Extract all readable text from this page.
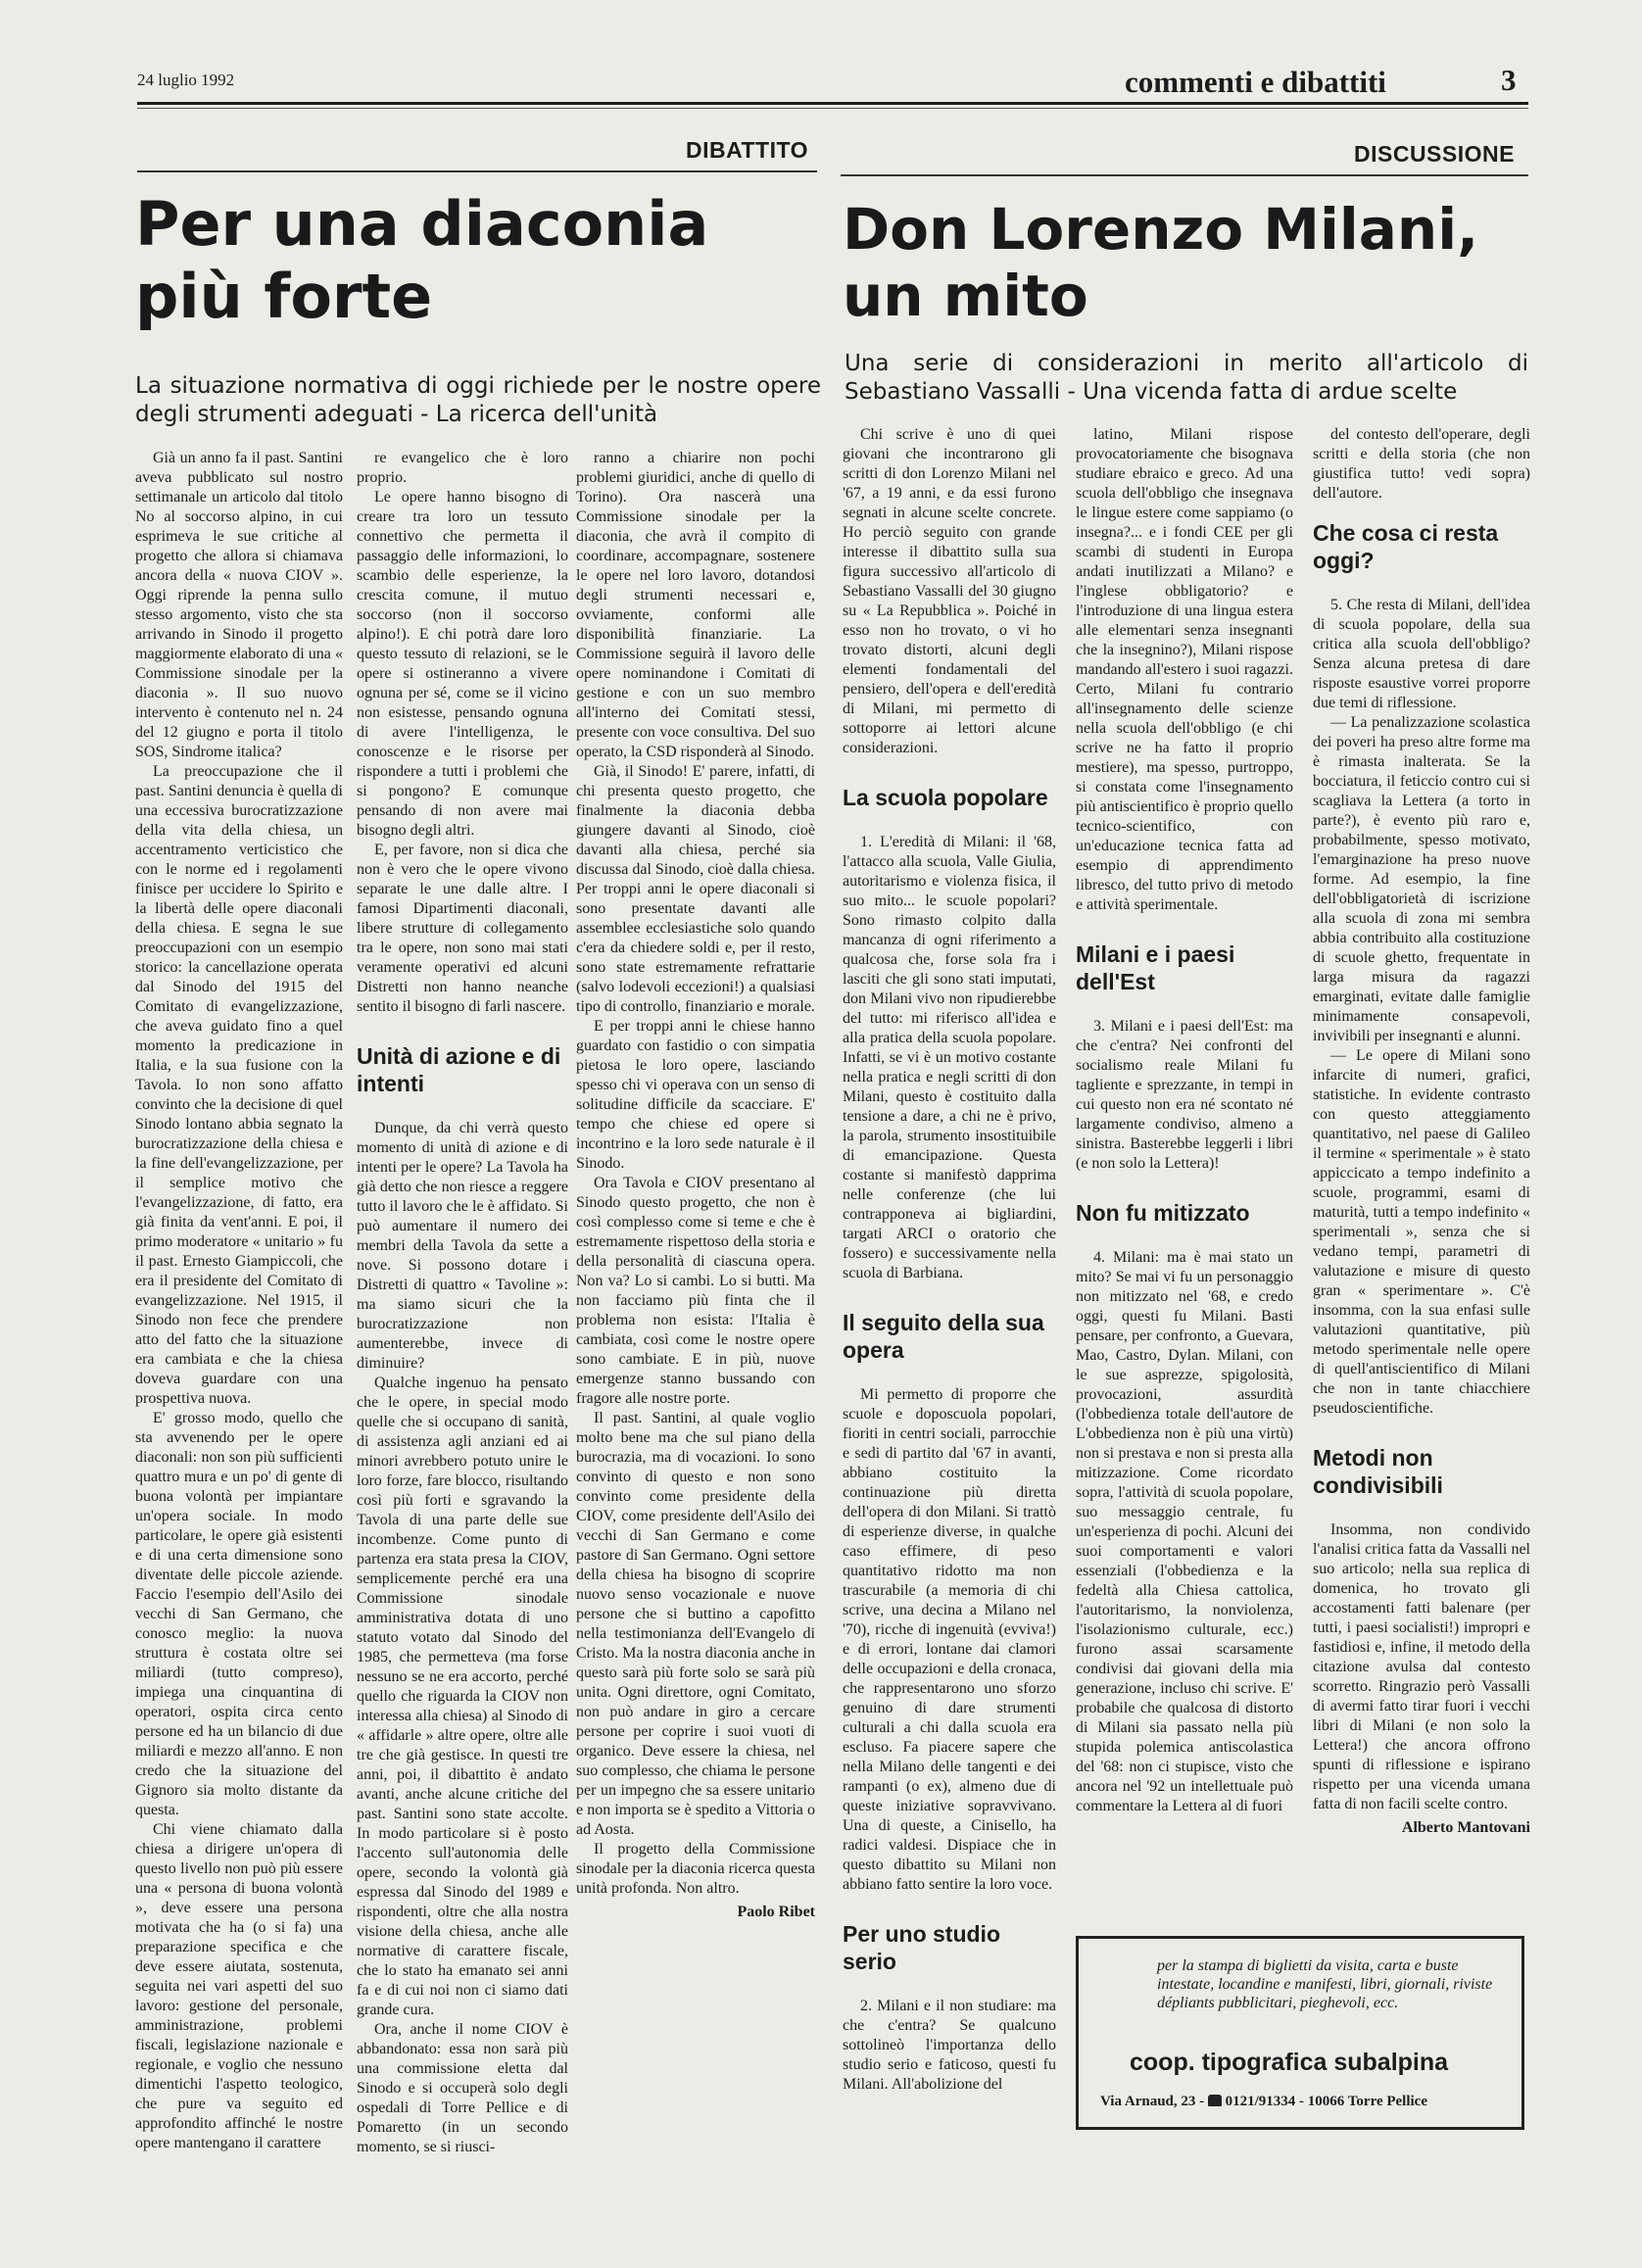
24 luglio 1992	commenti e dibattiti	3
DIBATTITO
Per una diaconia più forte

La situazione normativa di oggi richiede per le nostre opere degli strumenti adeguati - La ricerca dell'unità

Già un anno fa il past. Santini aveva pubblicato sul nostro settimanale un articolo dal titolo No al soccorso alpino, in cui esprimeva le sue critiche al progetto che allora si chiamava ancora della « nuova CIOV ». Oggi riprende la penna sullo stesso argomento, visto che sta arrivando in Sinodo il progetto maggiormente elaborato di una « Commissione sinodale per la diaconia ». Il suo nuovo intervento è contenuto nel n. 24 del 12 giugno e porta il titolo SOS, Sindrome italica?

La preoccupazione che il past. Santini denuncia è quella di una eccessiva burocratizzazione della vita della chiesa, un accentramento verticistico che con le norme ed i regolamenti finisce per uccidere lo Spirito e la libertà delle opere diaconali della chiesa. E segna le sue preoccupazioni con un esempio storico: la cancellazione operata dal Sinodo del 1915 del Comitato di evangelizzazione, che aveva guidato fino a quel momento la predicazione in Italia, e la sua fusione con la Tavola. Io non sono affatto convinto che la decisione di quel Sinodo lontano abbia segnato la burocratizzazione della chiesa e la fine dell'evangelizzazione, per il semplice motivo che l'evangelizzazione, di fatto, era già finita da vent'anni. E poi, il primo moderatore « unitario » fu il past. Ernesto Giampiccoli, che era il presidente del Comitato di evangelizzazione. Nel 1915, il Sinodo non fece che prendere atto del fatto che la situazione era cambiata e che la chiesa doveva guardare con una prospettiva nuova.

E' grosso modo, quello che sta avvenendo per le opere diaconali: non son più sufficienti quattro mura e un po' di gente di buona volontà per impiantare un'opera sociale. In modo particolare, le opere già esistenti e di una certa dimensione sono diventate delle piccole aziende. Faccio l'esempio dell'Asilo dei vecchi di San Germano, che conosco meglio: la nuova struttura è costata oltre sei miliardi (tutto compreso), impiega una cinquantina di operatori, ospita circa cento persone ed ha un bilancio di due miliardi e mezzo all'anno. E non credo che la situazione del Gignoro sia molto distante da questa.

Chi viene chiamato dalla chiesa a dirigere un'opera di questo livello non può più essere una « persona di buona volontà », deve essere una persona motivata che ha (o si fa) una preparazione specifica e che deve essere aiutata, sostenuta, seguita nei vari aspetti del suo lavoro: gestione del personale, amministrazione, problemi fiscali, legislazione nazionale e regionale, e voglio che nessuno dimentichi l'aspetto teologico, che pure va seguito ed approfondito affinché le nostre opere mantengano il carattere

re evangelico che è loro proprio.

Le opere hanno bisogno di creare tra loro un tessuto connettivo che permetta il passaggio delle informazioni, lo scambio delle esperienze, la crescita comune, il mutuo soccorso (non il soccorso alpino!). E chi potrà dare loro questo tessuto di relazioni, se le opere si ostineranno a vivere ognuna per sé, come se il vicino non esistesse, pensando ognuna di avere l'intelligenza, le conoscenze e le risorse per rispondere a tutti i problemi che si pongono? E comunque pensando di non avere mai bisogno degli altri.

E, per favore, non si dica che non è vero che le opere vivono separate le une dalle altre. I famosi Dipartimenti diaconali, libere strutture di collegamento tra le opere, non sono mai stati veramente operativi ed alcuni Distretti non hanno neanche sentito il bisogno di farli nascere.

Unità di azione e di intenti

Dunque, da chi verrà questo momento di unità di azione e di intenti per le opere? La Tavola ha già detto che non riesce a reggere tutto il lavoro che le è affidato. Si può aumentare il numero dei membri della Tavola da sette a nove. Si possono dotare i Distretti di quattro « Tavoline »: ma siamo sicuri che la burocratizzazione non aumenterebbe, invece di diminuire?

Qualche ingenuo ha pensato che le opere, in special modo quelle che si occupano di sanità, di assistenza agli anziani ed ai minori avrebbero potuto unire le loro forze, fare blocco, risultando così più forti e sgravando la Tavola di una parte delle sue incombenze. Come punto di partenza era stata presa la CIOV, semplicemente perché era una Commissione sinodale amministrativa dotata di uno statuto votato dal Sinodo del 1985, che permetteva (ma forse nessuno se ne era accorto, perché quello che riguarda la CIOV non interessa alla chiesa) al Sinodo di « affidarle » altre opere, oltre alle tre che già gestisce. In questi tre anni, poi, il dibattito è andato avanti, anche alcune critiche del past. Santini sono state accolte. In modo particolare si è posto l'accento sull'autonomia delle opere, secondo la volontà già espressa dal Sinodo del 1989 e rispondenti, oltre che alla nostra visione della chiesa, anche alle normative di carattere fiscale, che lo stato ha emanato sei anni fa e di cui noi non ci siamo dati grande cura.

Ora, anche il nome CIOV è abbandonato: essa non sarà più una commissione eletta dal Sinodo e si occuperà solo degli ospedali di Torre Pellice e di Pomaretto (in un secondo momento, se si riusci-

ranno a chiarire non pochi problemi giuridici, anche di quello di Torino). Ora nascerà una Commissione sinodale per la diaconia, che avrà il compito di coordinare, accompagnare, sostenere le opere nel loro lavoro, dotandosi degli strumenti necessari e, ovviamente, conformi alle disponibilità finanziarie. La Commissione seguirà il lavoro delle opere nominandone i Comitati di gestione e con un suo membro all'interno dei Comitati stessi, presente con voce consultiva. Del suo operato, la CSD risponderà al Sinodo.

Già, il Sinodo! E' parere, infatti, di chi presenta questo progetto, che finalmente la diaconia debba giungere davanti al Sinodo, cioè davanti alla chiesa, perché sia discussa dal Sinodo, cioè dalla chiesa. Per troppi anni le opere diaconali si sono presentate davanti alle assemblee ecclesiastiche solo quando c'era da chiedere soldi e, per il resto, sono state estremamente refrattarie (salvo lodevoli eccezioni!) a qualsiasi tipo di controllo, finanziario e morale.

E per troppi anni le chiese hanno guardato con fastidio o con simpatia pietosa le loro opere, lasciando spesso chi vi operava con un senso di solitudine difficile da scacciare. E' tempo che chiese ed opere si incontrino e la loro sede naturale è il Sinodo.

Ora Tavola e CIOV presentano al Sinodo questo progetto, che non è così complesso come si teme e che è estremamente rispettoso della storia e della personalità di ciascuna opera. Non va? Lo si cambi. Lo si butti. Ma non facciamo più finta che il problema non esista: l'Italia è cambiata, così come le nostre opere sono cambiate. E in più, nuove emergenze stanno bussando con fragore alle nostre porte.

Il past. Santini, al quale voglio molto bene ma che sul piano della burocrazia, ma di vocazioni. Io sono convinto di questo e non sono convinto come presidente della CIOV, come presidente dell'Asilo dei vecchi di San Germano e come pastore di San Germano. Ogni settore della chiesa ha bisogno di scoprire nuovo senso vocazionale e nuove persone che si buttino a capofitto nella testimonianza dell'Evangelo di Cristo. Ma la nostra diaconia anche in questo sarà più forte solo se sarà più unita. Ogni direttore, ogni Comitato, non può andare in giro a cercare persone per coprire i suoi vuoti di organico. Deve essere la chiesa, nel suo complesso, che chiama le persone per un impegno che sa essere unitario e non importa se è spedito a Vittoria o ad Aosta.

Il progetto della Commissione sinodale per la diaconia ricerca questa unità profonda. Non altro.

Paolo Ribet

DISCUSSIONE
Don Lorenzo Milani, un mito

Una serie di considerazioni in merito all'articolo di Sebastiano Vassalli - Una vicenda fatta di ardue scelte

Chi scrive è uno di quei giovani che incontrarono gli scritti di don Lorenzo Milani nel '67, a 19 anni, e da essi furono segnati in alcune scelte concrete. Ho perciò seguito con grande interesse il dibattito sulla sua figura successivo all'articolo di Sebastiano Vassalli del 30 giugno su « La Repubblica ». Poiché in esso non ho trovato, o vi ho trovato distorti, alcuni degli elementi fondamentali del pensiero, dell'opera e dell'eredità di Milani, mi permetto di sottoporre ai lettori alcune considerazioni.

La scuola popolare

1. L'eredità di Milani: il '68, l'attacco alla scuola, Valle Giulia, autoritarismo e violenza fisica, il suo mito... le scuole popolari? Sono rimasto colpito dalla mancanza di ogni riferimento a qualcosa che, forse sola fra i lasciti che gli sono stati imputati, don Milani vivo non ripudierebbe del tutto: mi riferisco all'idea e alla pratica della scuola popolare. Infatti, se vi è un motivo costante nella pratica e negli scritti di don Milani, questo è costituito dalla tensione a dare, a chi ne è privo, la parola, strumento insostituibile di emancipazione. Questa costante si manifestò dapprima nelle conferenze (che lui contrapponeva ai bigliardini, targati ARCI o oratorio che fossero) e successivamente nella scuola di Barbiana.

Il seguito della sua opera

Mi permetto di proporre che scuole e doposcuola popolari, fioriti in centri sociali, parrocchie e sedi di partito dal '67 in avanti, abbiano costituito la continuazione più diretta dell'opera di don Milani. Si trattò di esperienze diverse, in qualche caso effimere, di peso quantitativo ridotto ma non trascurabile (a memoria di chi scrive, una decina a Milano nel '70), ricche di ingenuità (evviva!) e di errori, lontane dai clamori delle occupazioni e della cronaca, che rappresentarono uno sforzo genuino di dare strumenti culturali a chi dalla scuola era escluso. Fa piacere sapere che nella Milano delle tangenti e dei rampanti (o ex), almeno due di queste iniziative sopravvivano. Una di queste, a Cinisello, ha radici valdesi. Dispiace che in questo dibattito su Milani non abbiano fatto sentire la loro voce.

Per uno studio serio

2. Milani e il non studiare: ma che c'entra? Se qualcuno sottolineò l'importanza dello studio serio e faticoso, questi fu Milani. All'abolizione del

latino, Milani rispose provocatoriamente che bisognava studiare ebraico e greco. Ad una scuola dell'obbligo che insegnava le lingue estere come sappiamo (o insegna?... e i fondi CEE per gli scambi di studenti in Europa andati inutilizzati a Milano? e l'inglese obbligatorio? e l'introduzione di una lingua estera alle elementari senza insegnanti che la insegnino?), Milani rispose mandando all'estero i suoi ragazzi. Certo, Milani fu contrario all'insegnamento delle scienze nella scuola dell'obbligo (e chi scrive ne ha fatto il proprio mestiere), ma spesso, purtroppo, si constata come l'insegnamento più antiscientifico è proprio quello tecnico-scientifico, con un'educazione tecnica fatta ad esempio di apprendimento libresco, del tutto privo di metodo e attività sperimentale.

Milani e i paesi dell'Est

3. Milani e i paesi dell'Est: ma che c'entra? Nei confronti del socialismo reale Milani fu tagliente e sprezzante, in tempi in cui questo non era né scontato né largamente condiviso, almeno a sinistra. Basterebbe leggerli i libri (e non solo la Lettera)!

Non fu mitizzato

4. Milani: ma è mai stato un mito? Se mai vi fu un personaggio non mitizzato nel '68, e credo oggi, questi fu Milani. Basti pensare, per confronto, a Guevara, Mao, Castro, Dylan. Milani, con le sue asprezze, spigolosità, provocazioni, assurdità (l'obbedienza totale dell'autore de L'obbedienza non è più una virtù) non si prestava e non si presta alla mitizzazione. Come ricordato sopra, l'attività di scuola popolare, suo messaggio centrale, fu un'esperienza di pochi. Alcuni dei suoi comportamenti e valori essenziali (l'obbedienza e la fedeltà alla Chiesa cattolica, l'autoritarismo, la nonviolenza, l'isolazionismo culturale, ecc.) furono assai scarsamente condivisi dai giovani della mia generazione, incluso chi scrive. E' probabile che qualcosa di distorto di Milani sia passato nella più stupida polemica antiscolastica del '68: non ci stupisce, visto che ancora nel '92 un intellettuale può commentare la Lettera al di fuori

del contesto dell'operare, degli scritti e della storia (che non giustifica tutto! vedi sopra) dell'autore.

Che cosa ci resta oggi?

5. Che resta di Milani, dell'idea di scuola popolare, della sua critica alla scuola dell'obbligo? Senza alcuna pretesa di dare risposte esaustive vorrei proporre due temi di riflessione.

— La penalizzazione scolastica dei poveri ha preso altre forme ma è rimasta inalterata. Se la bocciatura, il feticcio contro cui si scagliava la Lettera (a torto in parte?), è evento più raro e, probabilmente, spesso motivato, l'emarginazione ha preso nuove forme. Ad esempio, la fine dell'obbligatorietà di iscrizione alla scuola di zona mi sembra abbia contribuito alla costituzione di scuole ghetto, frequentate in larga misura da ragazzi emarginati, evitate dalle famiglie minimamente consapevoli, invivibili per insegnanti e alunni.

— Le opere di Milani sono infarcite di numeri, grafici, statistiche. In evidente contrasto con questo atteggiamento quantitativo, nel paese di Galileo il termine « sperimentale » è stato appiccicato a tempo indefinito a scuole, programmi, esami di maturità, tutti a tempo indefinito « sperimentali », senza che si vedano tempi, parametri di valutazione e misure di questo gran « sperimentare ». C'è insomma, con la sua enfasi sulle valutazioni quantitative, più metodo sperimentale nelle opere di quell'antiscientifico di Milani che non in tante chiacchiere pseudoscientifiche.

Metodi non condivisibili

Insomma, non condivido l'analisi critica fatta da Vassalli nel suo articolo; nella sua replica di domenica, ho trovato gli accostamenti fatti balenare (per tutti, i paesi socialisti!) impropri e fastidiosi e, infine, il metodo della citazione avulsa dal contesto scorretto. Ringrazio però Vassalli di avermi fatto tirar fuori i vecchi libri di Milani (e non solo la Lettera!) che ancora offrono spunti di riflessione e ispirano rispetto per una vicenda umana fatta di non facili scelte contro.

Alberto Mantovani

per la stampa di biglietti da visita, carta e buste intestate, locandine e manifesti, libri, giornali, riviste dépliants pubblicitari, pieghevoli, ecc.
coop. tipografica subalpina
Via Arnaud, 23 -  0121/91334 - 10066 Torre Pellice
